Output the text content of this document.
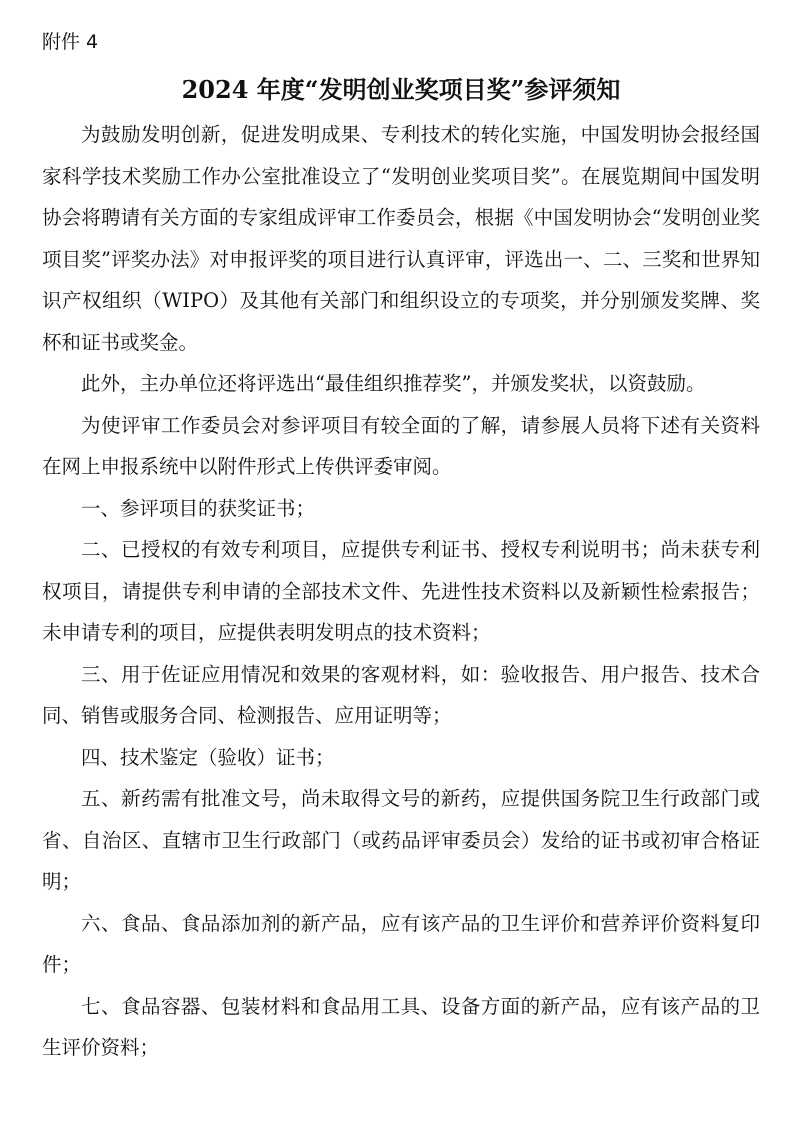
附件 4
2024 年度“发明创业奖项目奖”参评须知

为鼓励发明创新，促进发明成果、专利技术的转化实施，中国发明协会报经国家科学技术奖励工作办公室批准设立了“发明创业奖项目奖”。在展览期间中国发明协会将聘请有关方面的专家组成评审工作委员会，根据《中国发明协会“发明创业奖项目奖”评奖办法》对申报评奖的项目进行认真评审，评选出一、二、三奖和世界知识产权组织（WIPO）及其他有关部门和组织设立的专项奖，并分别颁发奖牌、奖杯和证书或奖金。

此外，主办单位还将评选出“最佳组织推荐奖”，并颁发奖状，以资鼓励。

为使评审工作委员会对参评项目有较全面的了解，请参展人员将下述有关资料在网上申报系统中以附件形式上传供评委审阅。

一、参评项目的获奖证书；

二、已授权的有效专利项目，应提供专利证书、授权专利说明书；尚未获专利权项目，请提供专利申请的全部技术文件、先进性技术资料以及新颖性检索报告；未申请专利的项目，应提供表明发明点的技术资料；

三、用于佐证应用情况和效果的客观材料，如：验收报告、用户报告、技术合同、销售或服务合同、检测报告、应用证明等；

四、技术鉴定（验收）证书；

五、新药需有批准文号，尚未取得文号的新药，应提供国务院卫生行政部门或省、自治区、直辖市卫生行政部门（或药品评审委员会）发给的证书或初审合格证明；

六、食品、食品添加剂的新产品，应有该产品的卫生评价和营养评价资料复印件；

七、食品容器、包装材料和食品用工具、设备方面的新产品，应有该产品的卫生评价资料；
